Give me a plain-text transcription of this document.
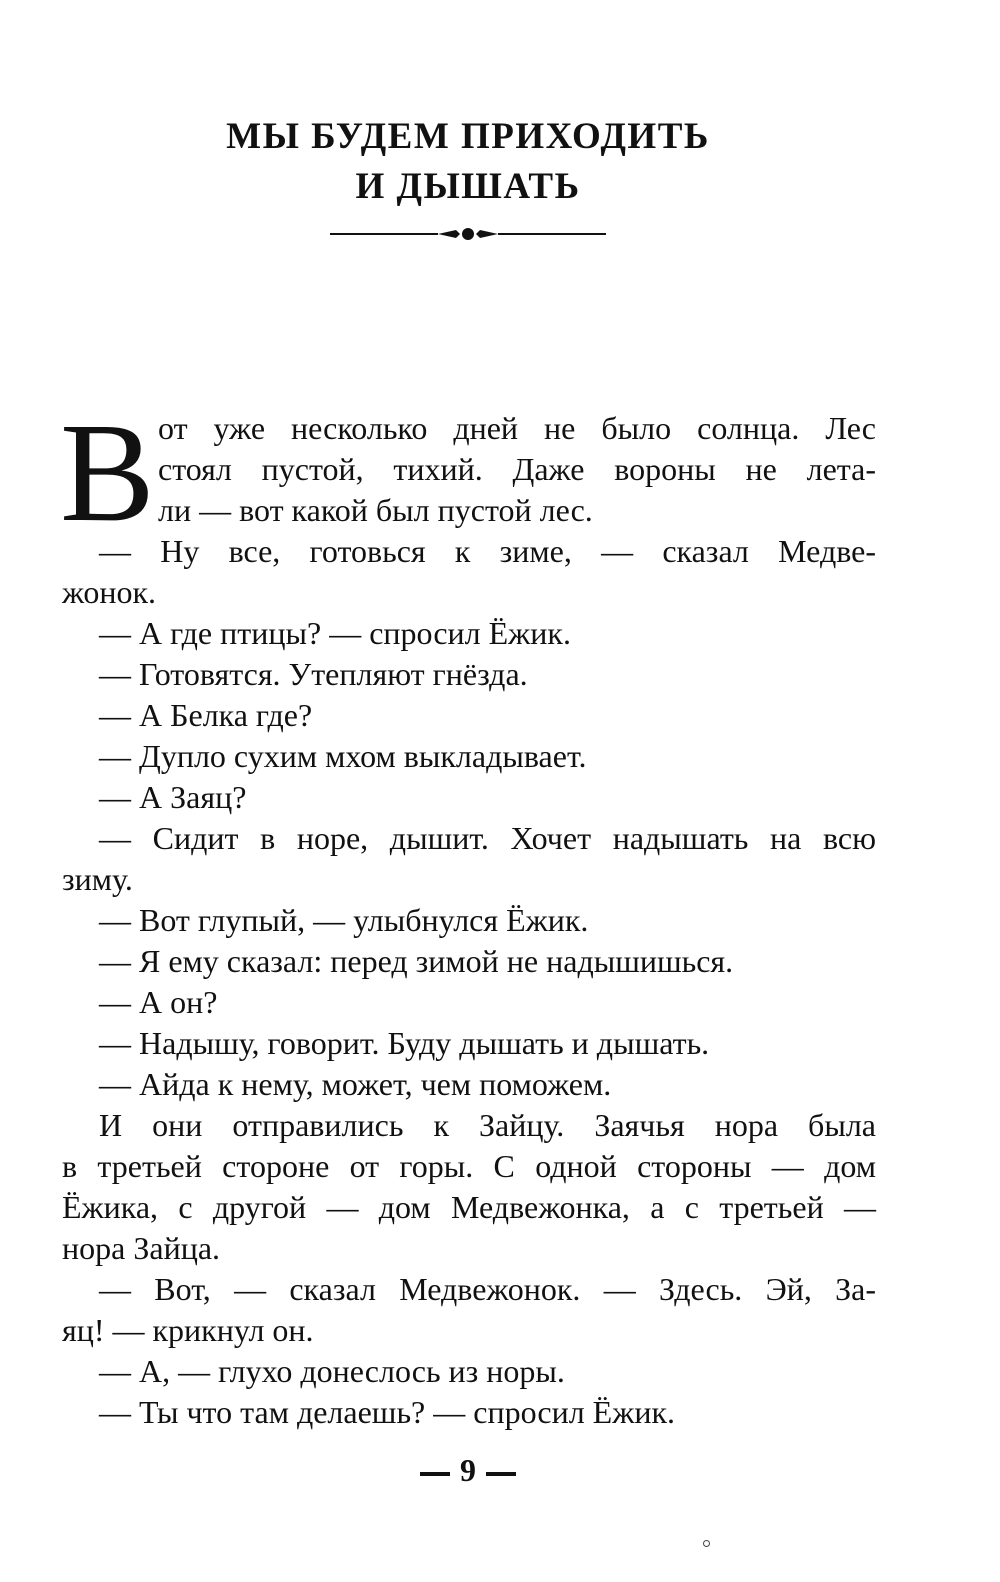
МЫ БУДЕМ ПРИХОДИТЬ
И ДЫШАТЬ
В от уже несколько дней не было солнца. Лес
стоял пустой, тихий. Даже вороны не лета-
ли — вот какой был пустой лес.
— Ну все, готовься к зиме, — сказал Медве-
жонок.
— А где птицы? — спросил Ёжик.
— Готовятся. Утепляют гнёзда.
— А Белка где?
— Дупло сухим мхом выкладывает.
— А Заяц?
— Сидит в норе, дышит. Хочет надышать на всю
зиму.
— Вот глупый, — улыбнулся Ёжик.
— Я ему сказал: перед зимой не надышишься.
— А он?
— Надышу, говорит. Буду дышать и дышать.
— Айда к нему, может, чем поможем.
И они отправились к Зайцу. Заячья нора была
в третьей стороне от горы. С одной стороны — дом
Ёжика, с другой — дом Медвежонка, а с третьей —
нора Зайца.
— Вот, — сказал Медвежонок. — Здесь. Эй, За-
яц! — крикнул он.
— А, — глухо донеслось из норы.
— Ты что там делаешь? — спросил Ёжик.
9
